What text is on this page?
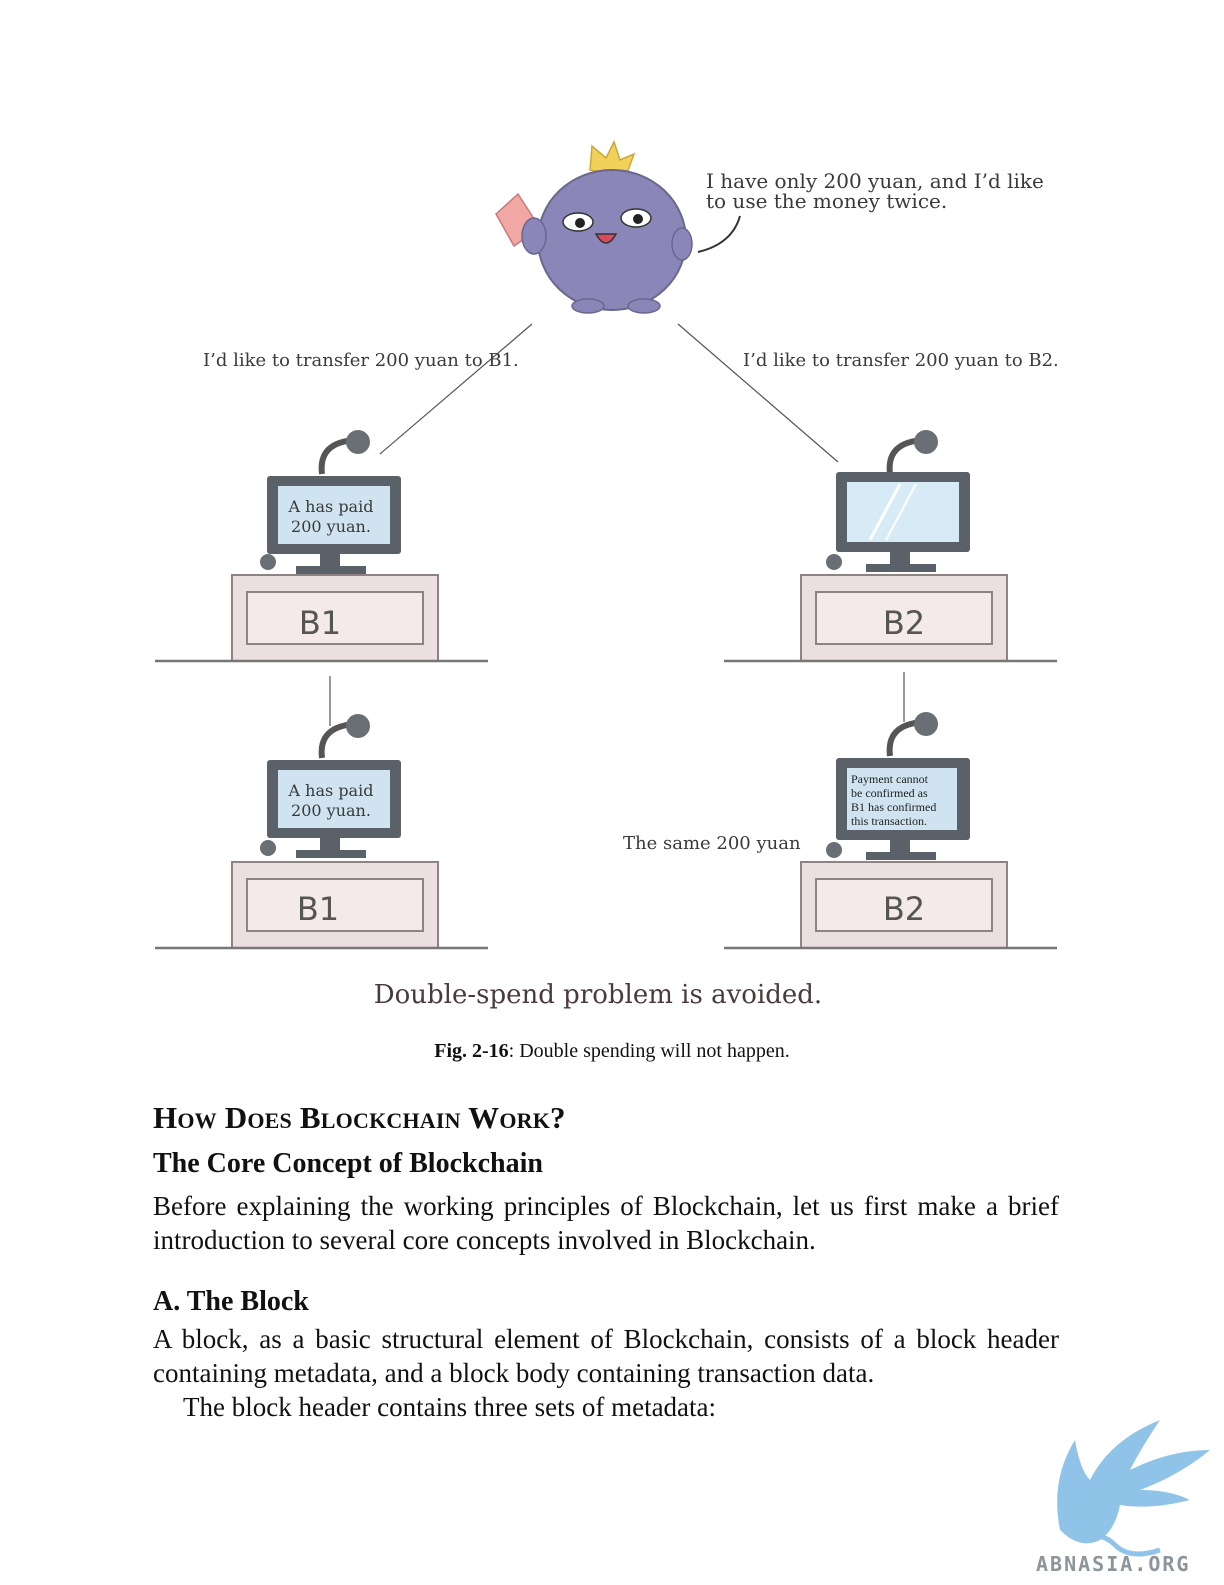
I have only 200 yuan, and I’d like
to use the money twice.
I’d like to transfer 200 yuan to B1.	I’d like to transfer 200 yuan to B2.
A has paid
200 yuan.
B1	B2
A has paid
200 yuan.
B1
The same 200 yuan
Payment cannot
be confirmed as
B1 has confirmed
this transaction.
B2
Double-spend problem is avoided.
Fig. 2-16: Double spending will not happen.
How Does Blockchain Work?
The Core Concept of Blockchain

Before explaining the working principles of Blockchain, let us first make a brief introduction to several core concepts involved in Blockchain.

A. The Block

A block, as a basic structural element of Blockchain, consists of a block header containing metadata, and a block body containing transaction data.

The block header contains three sets of metadata:
ABNASIA.ORG
